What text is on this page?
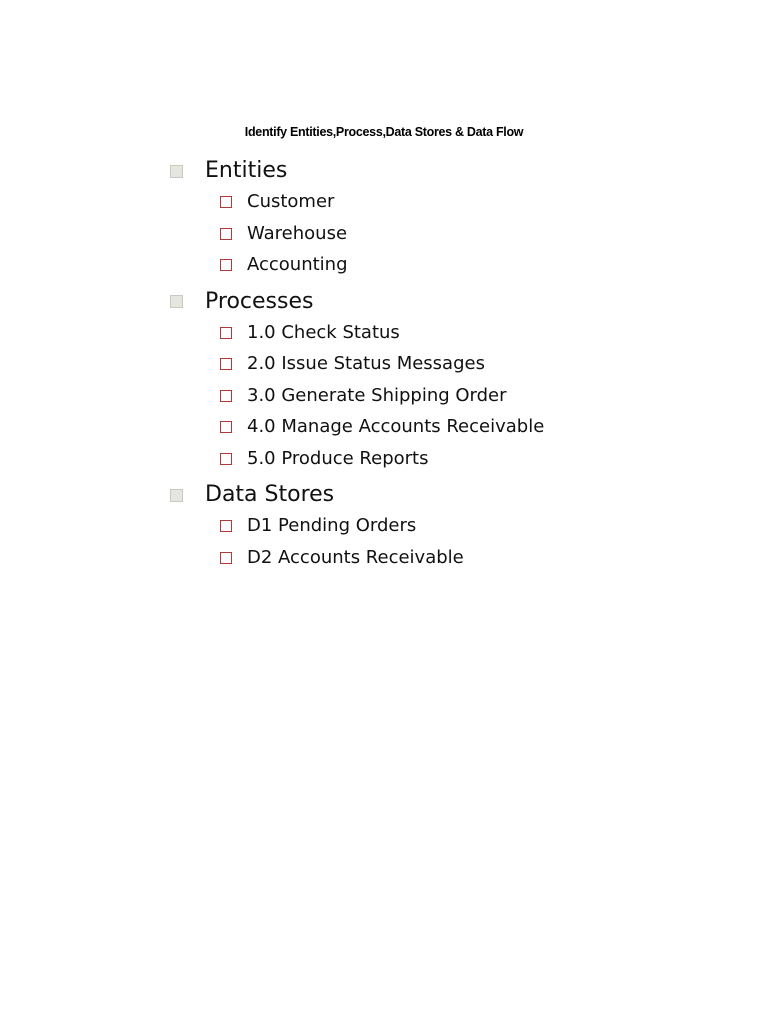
Identify Entities,Process,Data Stores & Data Flow
Entities
Customer
Warehouse
Accounting
Processes
1.0 Check Status
2.0 Issue Status Messages
3.0 Generate Shipping Order
4.0 Manage Accounts Receivable
5.0 Produce Reports
Data Stores
D1 Pending Orders
D2 Accounts Receivable
